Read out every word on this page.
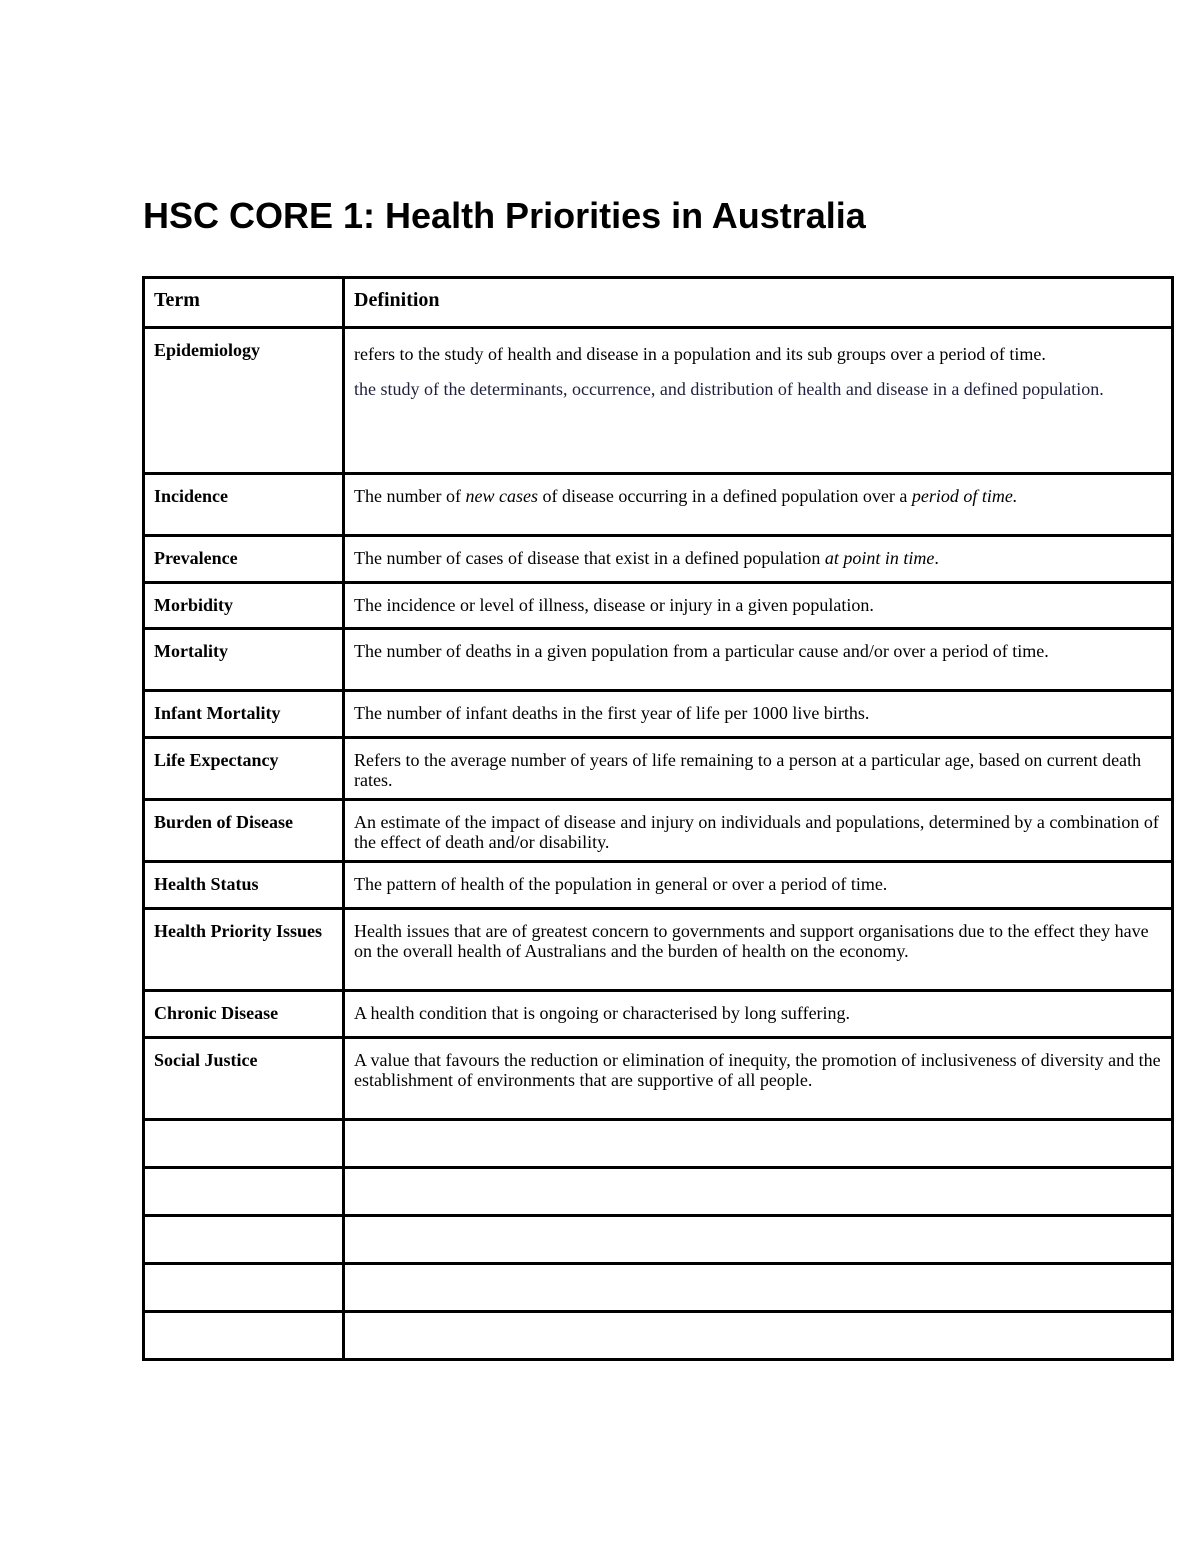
HSC CORE 1: Health Priorities in Australia
Term	Definition
Epidemiology	refers to the study of health and disease in a population and its sub groups over a period of time.

the study of the determinants, occurrence, and distribution of health and disease in a defined population.

Incidence	The number of new cases of disease occurring in a defined population over a period of time.
Prevalence	The number of cases of disease that exist in a defined population at point in time.
Morbidity	The incidence or level of illness, disease or injury in a given population.
Mortality	The number of deaths in a given population from a particular cause and/or over a period of time.
Infant Mortality	The number of infant deaths in the first year of life per 1000 live births.
Life Expectancy	Refers to the average number of years of life remaining to a person at a particular age, based on current death rates.
Burden of Disease	An estimate of the impact of disease and injury on individuals and populations, determined by a combination of the effect of death and/or disability.
Health Status	The pattern of health of the population in general or over a period of time.
Health Priority Issues	Health issues that are of greatest concern to governments and support organisations due to the effect they have on the overall health of Australians and the burden of health on the economy.
Chronic Disease	A health condition that is ongoing or characterised by long suffering.
Social Justice	A value that favours the reduction or elimination of inequity, the promotion of inclusiveness of diversity and the establishment of environments that are supportive of all people.
